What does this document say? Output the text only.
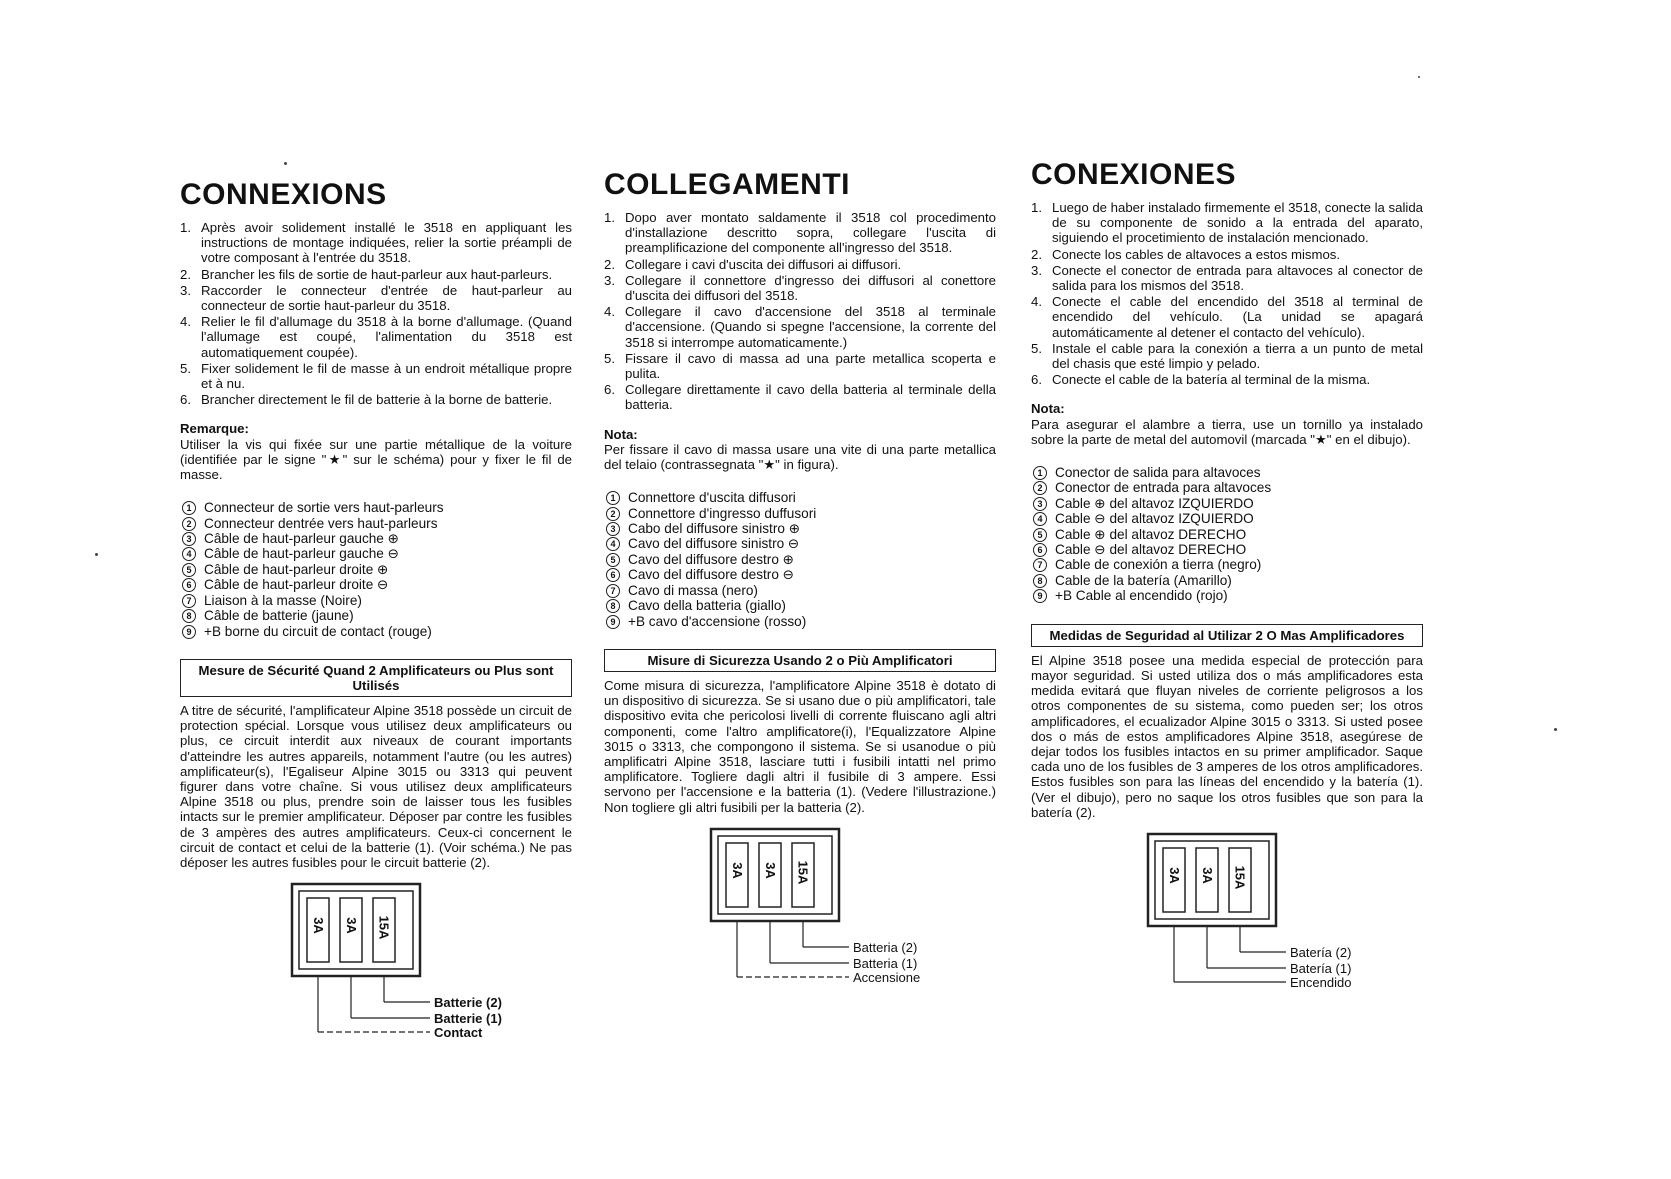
CONNEXIONS
1. Après avoir solidement installé le 3518 en appliquant les instructions de montage indiquées, relier la sortie préampli de votre composant à l'entrée du 3518.
2. Brancher les fils de sortie de haut-parleur aux haut-parleurs.
3. Raccorder le connecteur d'entrée de haut-parleur au connecteur de sortie haut-parleur du 3518.
4. Relier le fil d'allumage du 3518 à la borne d'allumage. (Quand l'allumage est coupé, l'alimentation du 3518 est automatiquement coupée).
5. Fixer solidement le fil de masse à un endroit métallique propre et à nu.
6. Brancher directement le fil de batterie à la borne de batterie.
Remarque:
Utiliser la vis qui fixée sur une partie métallique de la voiture (identifiée par le signe "★" sur le schéma) pour y fixer le fil de masse.
1 Connecteur de sortie vers haut-parleurs
2 Connecteur dentrée vers haut-parleurs
3 Câble de haut-parleur gauche ⊕
4 Câble de haut-parleur gauche ⊖
5 Câble de haut-parleur droite ⊕
6 Câble de haut-parleur droite ⊖
7 Liaison à la masse (Noire)
8 Câble de batterie (jaune)
9 +B borne du circuit de contact (rouge)
Mesure de Sécurité Quand 2 Amplificateurs ou Plus sont Utilisés
A titre de sécurité, l'amplificateur Alpine 3518 possède un circuit de protection spécial. Lorsque vous utilisez deux amplificateurs ou plus, ce circuit interdit aux niveaux de courant importants d'atteindre les autres appareils, notamment l'autre (ou les autres) amplificateur(s), l'Egaliseur Alpine 3015 ou 3313 qui peuvent figurer dans votre chaîne. Si vous utilisez deux amplificateurs Alpine 3518 ou plus, prendre soin de laisser tous les fusibles intacts sur le premier amplificateur. Déposer par contre les fusibles de 3 ampères des autres amplificateurs. Ceux-ci concernent le circuit de contact et celui de la batterie (1). (Voir schéma.) Ne pas déposer les autres fusibles pour le circuit batterie (2).
3A 3A 15A
Batterie (2)
Batterie (1)
Contact
COLLEGAMENTI
1. Dopo aver montato saldamente il 3518 col procedimento d'installazione descritto sopra, collegare l'uscita di preamplificazione del componente all'ingresso del 3518.
2. Collegare i cavi d'uscita dei diffusori ai diffusori.
3. Collegare il connettore d'ingresso dei diffusori al conettore d'uscita dei diffusori del 3518.
4. Collegare il cavo d'accensione del 3518 al terminale d'accensione. (Quando si spegne l'accensione, la corrente del 3518 si interrompe automaticamente.)
5. Fissare il cavo di massa ad una parte metallica scoperta e pulita.
6. Collegare direttamente il cavo della batteria al terminale della batteria.
Nota:
Per fissare il cavo di massa usare una vite di una parte metallica del telaio (contrassegnata "★" in figura).
1 Connettore d'uscita diffusori
2 Connettore d'ingresso duffusori
3 Cabo del diffusore sinistro ⊕
4 Cavo del diffusore sinistro ⊖
5 Cavo del diffusore destro ⊕
6 Cavo del diffusore destro ⊖
7 Cavo di massa (nero)
8 Cavo della batteria (giallo)
9 +B cavo d'accensione (rosso)
Misure di Sicurezza Usando 2 o Più Amplificatori
Come misura di sicurezza, l'amplificatore Alpine 3518 è dotato di un dispositivo di sicurezza. Se si usano due o più amplificatori, tale dispositivo evita che pericolosi livelli di corrente fluiscano agli altri componenti, come l'altro amplificatore(i), l'Equalizzatore Alpine 3015 o 3313, che compongono il sistema. Se si usanodue o più amplificatri Alpine 3518, lasciare tutti i fusibili intatti nel primo amplificatore. Togliere dagli altri il fusibile di 3 ampere. Essi servono per l'accensione e la batteria (1). (Vedere l'illustrazione.) Non togliere gli altri fusibili per la batteria (2).
3A 3A 15A
Batteria (2)
Batteria (1)
Accensione
CONEXIONES
1. Luego de haber instalado firmemente el 3518, conecte la salida de su componente de sonido a la entrada del aparato, siguiendo el procetimiento de instalación mencionado.
2. Conecte los cables de altavoces a estos mismos.
3. Conecte el conector de entrada para altavoces al conector de salida para los mismos del 3518.
4. Conecte el cable del encendido del 3518 al terminal de encendido del vehículo. (La unidad se apagará automáticamente al detener el contacto del vehículo).
5. Instale el cable para la conexión a tierra a un punto de metal del chasis que esté limpio y pelado.
6. Conecte el cable de la batería al terminal de la misma.
Nota:
Para asegurar el alambre a tierra, use un tornillo ya instalado sobre la parte de metal del automovil (marcada "★" en el dibujo).
1 Conector de salida para altavoces
2 Conector de entrada para altavoces
3 Cable ⊕ del altavoz IZQUIERDO
4 Cable ⊖ del altavoz IZQUIERDO
5 Cable ⊕ del altavoz DERECHO
6 Cable ⊖ del altavoz DERECHO
7 Cable de conexión a tierra (negro)
8 Cable de la batería (Amarillo)
9 +B Cable al encendido (rojo)
Medidas de Seguridad al Utilizar 2 O Mas Amplificadores
El Alpine 3518 posee una medida especial de protección para mayor seguridad. Si usted utiliza dos o más amplificadores esta medida evitará que fluyan niveles de corriente peligrosos a los otros componentes de su sistema, como pueden ser; los otros amplificadores, el ecualizador Alpine 3015 o 3313. Si usted posee dos o más de estos amplificadores Alpine 3518, asegúrese de dejar todos los fusibles intactos en su primer amplificador. Saque cada uno de los fusibles de 3 amperes de los otros amplificadores. Estos fusibles son para las líneas del encendido y la batería (1). (Ver el dibujo), pero no saque los otros fusibles que son para la batería (2).
3A 3A 15A
Batería (2)
Batería (1)
Encendido
